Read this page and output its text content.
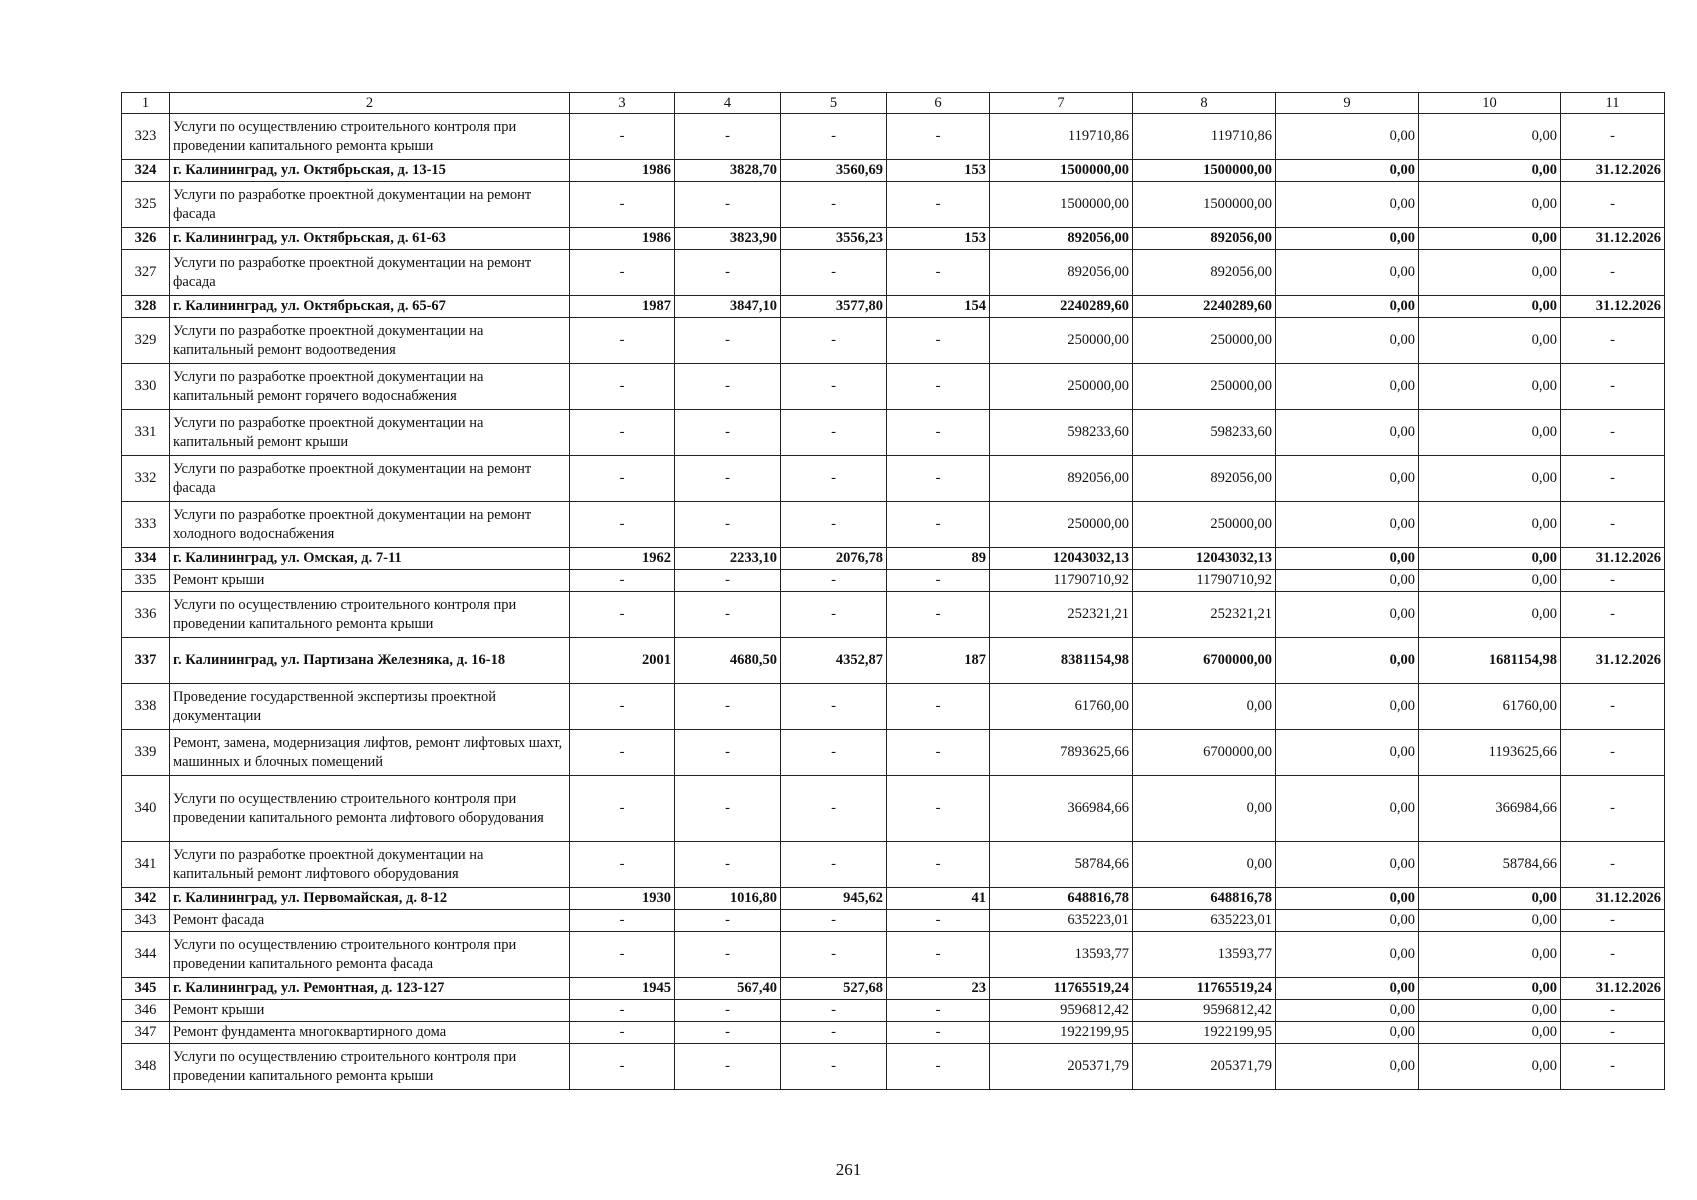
1	2	3	4	5	6	7	8	9	10	11
323	Услуги по осуществлению строительного контроля при проведении капитального ремонта крыши	-	-	-	-	119710,86	119710,86	0,00	0,00	-
324	г. Калининград, ул. Октябрьская, д. 13-15	1986	3828,70	3560,69	153	1500000,00	1500000,00	0,00	0,00	31.12.2026
325	Услуги по разработке проектной документации на ремонт фасада	-	-	-	-	1500000,00	1500000,00	0,00	0,00	-
326	г. Калининград, ул. Октябрьская, д. 61-63	1986	3823,90	3556,23	153	892056,00	892056,00	0,00	0,00	31.12.2026
327	Услуги по разработке проектной документации на ремонт фасада	-	-	-	-	892056,00	892056,00	0,00	0,00	-
328	г. Калининград, ул. Октябрьская, д. 65-67	1987	3847,10	3577,80	154	2240289,60	2240289,60	0,00	0,00	31.12.2026
329	Услуги по разработке проектной документации на капитальный ремонт водоотведения	-	-	-	-	250000,00	250000,00	0,00	0,00	-
330	Услуги по разработке проектной документации на капитальный ремонт горячего водоснабжения	-	-	-	-	250000,00	250000,00	0,00	0,00	-
331	Услуги по разработке проектной документации на капитальный ремонт крыши	-	-	-	-	598233,60	598233,60	0,00	0,00	-
332	Услуги по разработке проектной документации на ремонт фасада	-	-	-	-	892056,00	892056,00	0,00	0,00	-
333	Услуги по разработке проектной документации на ремонт холодного водоснабжения	-	-	-	-	250000,00	250000,00	0,00	0,00	-
334	г. Калининград, ул. Омская, д. 7-11	1962	2233,10	2076,78	89	12043032,13	12043032,13	0,00	0,00	31.12.2026
335	Ремонт крыши	-	-	-	-	11790710,92	11790710,92	0,00	0,00	-
336	Услуги по осуществлению строительного контроля при проведении капитального ремонта крыши	-	-	-	-	252321,21	252321,21	0,00	0,00	-
337	г. Калининград, ул. Партизана Железняка, д. 16-18	2001	4680,50	4352,87	187	8381154,98	6700000,00	0,00	1681154,98	31.12.2026
338	Проведение государственной экспертизы проектной документации	-	-	-	-	61760,00	0,00	0,00	61760,00	-
339	Ремонт, замена, модернизация лифтов, ремонт лифтовых шахт, машинных и блочных помещений	-	-	-	-	7893625,66	6700000,00	0,00	1193625,66	-
340	Услуги по осуществлению строительного контроля при проведении капитального ремонта лифтового оборудования	-	-	-	-	366984,66	0,00	0,00	366984,66	-
341	Услуги по разработке проектной документации на капитальный ремонт лифтового оборудования	-	-	-	-	58784,66	0,00	0,00	58784,66	-
342	г. Калининград, ул. Первомайская, д. 8-12	1930	1016,80	945,62	41	648816,78	648816,78	0,00	0,00	31.12.2026
343	Ремонт фасада	-	-	-	-	635223,01	635223,01	0,00	0,00	-
344	Услуги по осуществлению строительного контроля при проведении капитального ремонта фасада	-	-	-	-	13593,77	13593,77	0,00	0,00	-
345	г. Калининград, ул. Ремонтная, д. 123-127	1945	567,40	527,68	23	11765519,24	11765519,24	0,00	0,00	31.12.2026
346	Ремонт крыши	-	-	-	-	9596812,42	9596812,42	0,00	0,00	-
347	Ремонт фундамента многоквартирного дома	-	-	-	-	1922199,95	1922199,95	0,00	0,00	-
348	Услуги по осуществлению строительного контроля при проведении капитального ремонта крыши	-	-	-	-	205371,79	205371,79	0,00	0,00	-
261
